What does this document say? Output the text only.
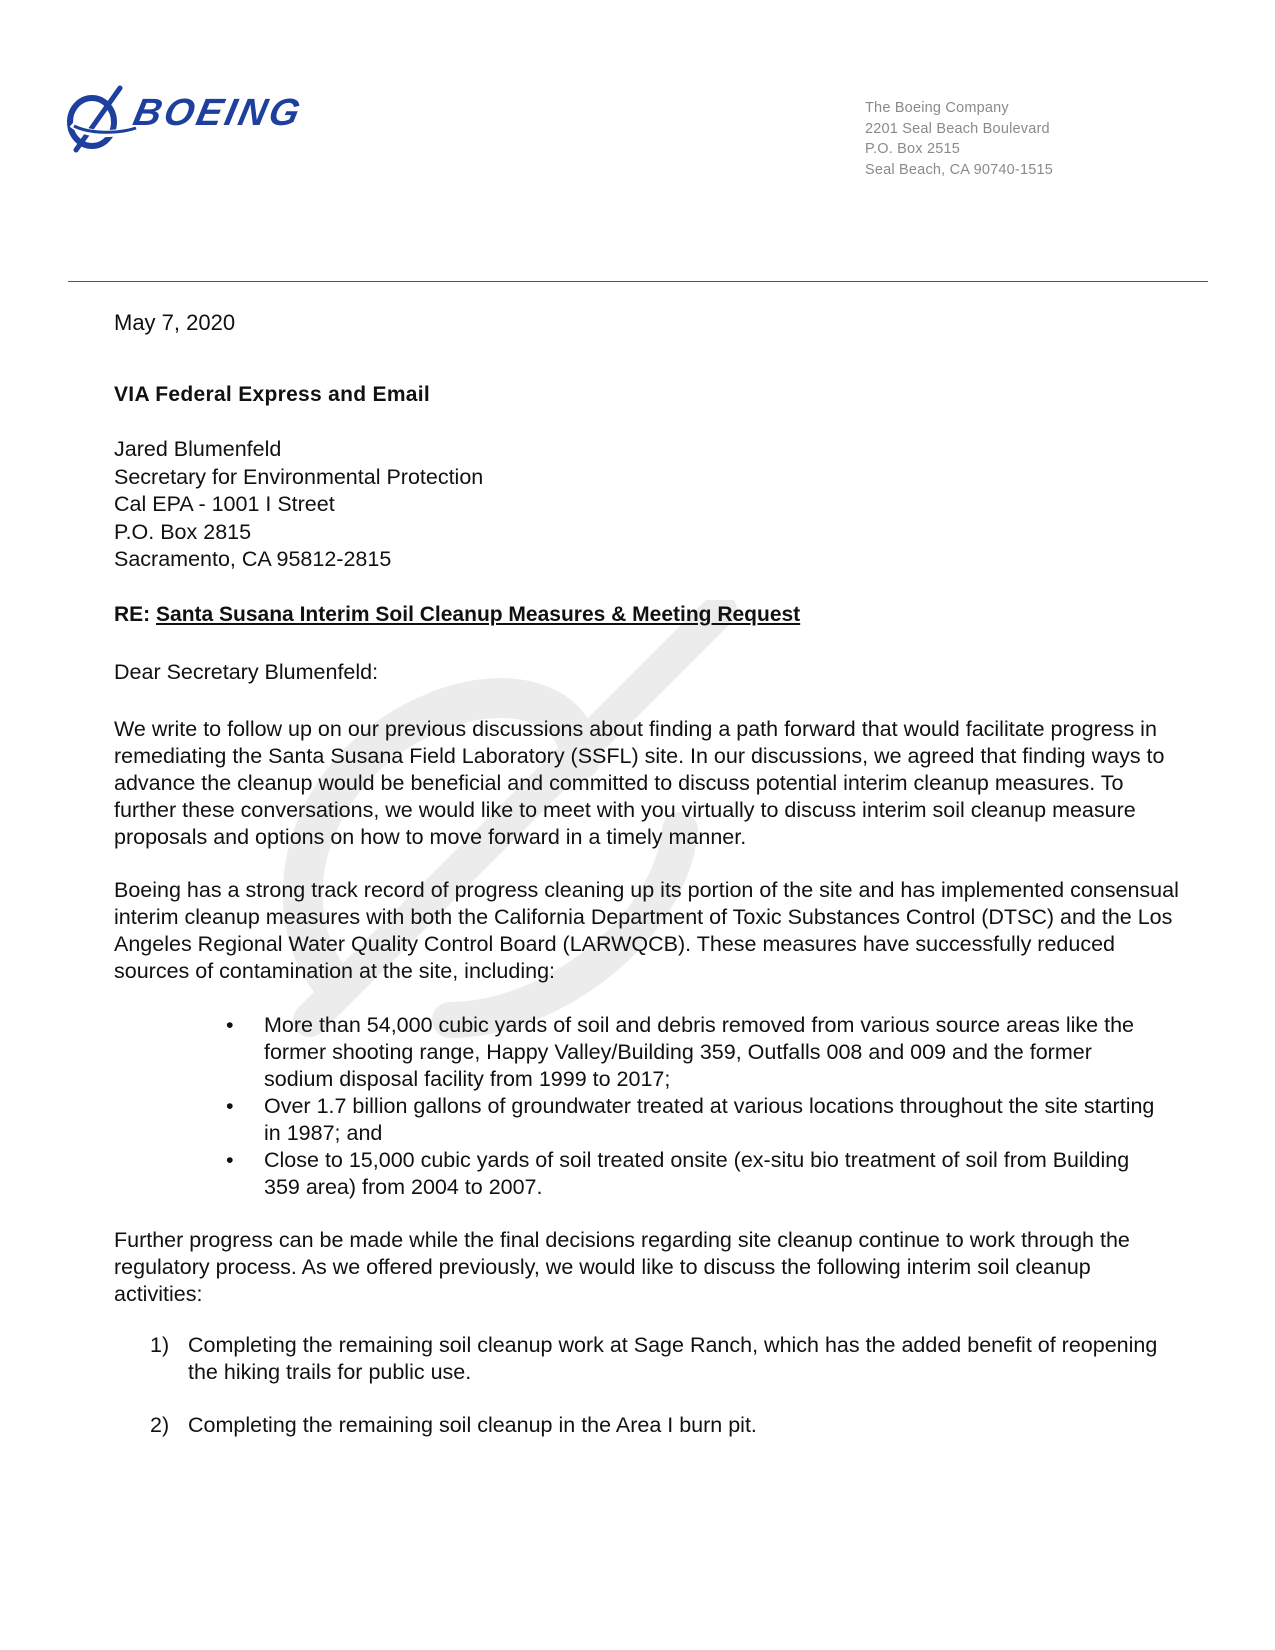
BOEING	The Boeing Company
2201 Seal Beach Boulevard
P.O. Box 2515
Seal Beach, CA 90740-1515
May 7, 2020
VIA Federal Express and Email
Jared Blumenfeld
Secretary for Environmental Protection
Cal EPA - 1001 I Street
P.O. Box 2815
Sacramento, CA 95812-2815
RE: Santa Susana Interim Soil Cleanup Measures & Meeting Request
Dear Secretary Blumenfeld:

We write to follow up on our previous discussions about finding a path forward that would facilitate progress in remediating the Santa Susana Field Laboratory (SSFL) site. In our discussions, we agreed that finding ways to advance the cleanup would be beneficial and committed to discuss potential interim cleanup measures. To further these conversations, we would like to meet with you virtually to discuss interim soil cleanup measure proposals and options on how to move forward in a timely manner.

Boeing has a strong track record of progress cleaning up its portion of the site and has implemented consensual interim cleanup measures with both the California Department of Toxic Substances Control (DTSC) and the Los Angeles Regional Water Quality Control Board (LARWQCB). These measures have successfully reduced sources of contamination at the site, including:

• More than 54,000 cubic yards of soil and debris removed from various source areas like the former shooting range, Happy Valley/Building 359, Outfalls 008 and 009 and the former sodium disposal facility from 1999 to 2017;
• Over 1.7 billion gallons of groundwater treated at various locations throughout the site starting in 1987; and
• Close to 15,000 cubic yards of soil treated onsite (ex-situ bio treatment of soil from Building 359 area) from 2004 to 2007.

Further progress can be made while the final decisions regarding site cleanup continue to work through the regulatory process. As we offered previously, we would like to discuss the following interim soil cleanup activities:

1) Completing the remaining soil cleanup work at Sage Ranch, which has the added benefit of reopening the hiking trails for public use.
2) Completing the remaining soil cleanup in the Area I burn pit.
